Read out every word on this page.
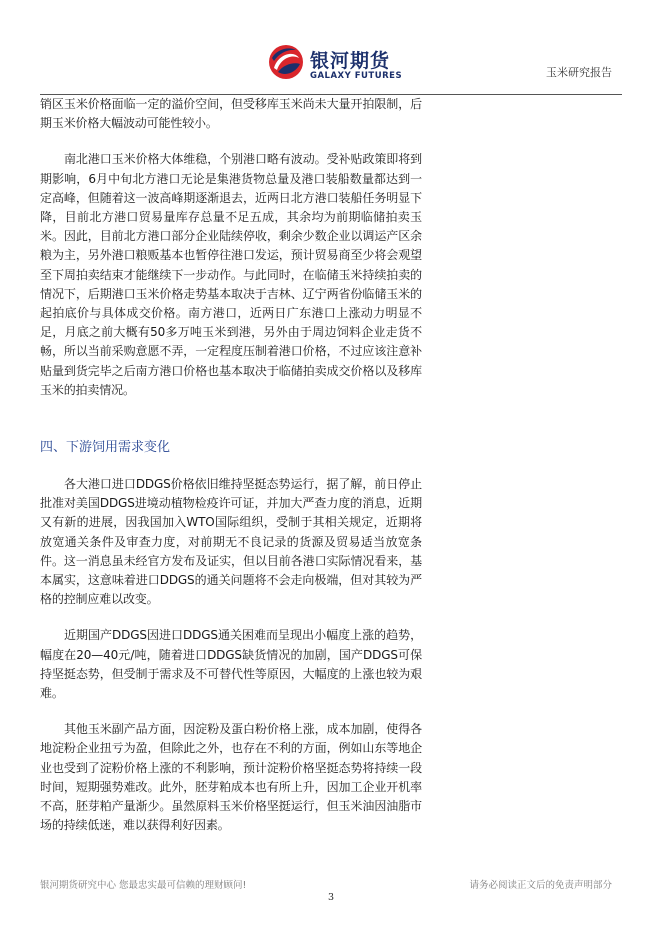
银河期货
GALAXY FUTURES	玉米研究报告

销区玉米价格面临一定的溢价空间，但受移库玉米尚未大量开拍限制，后期玉米价格大幅波动可能性较小。

南北港口玉米价格大体维稳，个别港口略有波动。受补贴政策即将到期影响，6月中旬北方港口无论是集港货物总量及港口装船数量都达到一定高峰，但随着这一波高峰期逐渐退去，近两日北方港口装船任务明显下降，目前北方港口贸易量库存总量不足五成，其余均为前期临储拍卖玉米。因此，目前北方港口部分企业陆续停收，剩余少数企业以调运产区余粮为主，另外港口粮贩基本也暂停往港口发运，预计贸易商至少将会观望至下周拍卖结束才能继续下一步动作。与此同时，在临储玉米持续拍卖的情况下，后期港口玉米价格走势基本取决于吉林、辽宁两省份临储玉米的起拍底价与具体成交价格。南方港口，近两日广东港口上涨动力明显不足，月底之前大概有50多万吨玉米到港，另外由于周边饲料企业走货不畅，所以当前采购意愿不弄，一定程度压制着港口价格，不过应该注意补贴量到货完毕之后南方港口价格也基本取决于临储拍卖成交价格以及移库玉米的拍卖情况。

四、下游饲用需求变化

各大港口进口DDGS价格依旧维持坚挺态势运行，据了解，前日停止批准对美国DDGS进境动植物检疫许可证，并加大严查力度的消息，近期又有新的进展，因我国加入WTO国际组织，受制于其相关规定，近期将放宽通关条件及审查力度，对前期无不良记录的货源及贸易适当放宽条件。这一消息虽未经官方发布及证实，但以目前各港口实际情况看来，基本属实，这意味着进口DDGS的通关问题将不会走向极端，但对其较为严格的控制应难以改变。

近期国产DDGS因进口DDGS通关困难而呈现出小幅度上涨的趋势，幅度在20—40元/吨，随着进口DDGS缺货情况的加剧，国产DDGS可保持坚挺态势，但受制于需求及不可替代性等原因，大幅度的上涨也较为艰难。

其他玉米副产品方面，因淀粉及蛋白粉价格上涨，成本加剧，使得各地淀粉企业扭亏为盈，但除此之外，也存在不利的方面，例如山东等地企业也受到了淀粉价格上涨的不利影响，预计淀粉价格坚挺态势将持续一段时间，短期强势难改。此外，胚芽粕成本也有所上升，因加工企业开机率不高，胚芽粕产量渐少。虽然原料玉米价格坚挺运行，但玉米油因油脂市场的持续低迷，难以获得利好因素。

银河期货研究中心 您最忠实最可信赖的理财顾问!	请务必阅读正文后的免责声明部分
3
